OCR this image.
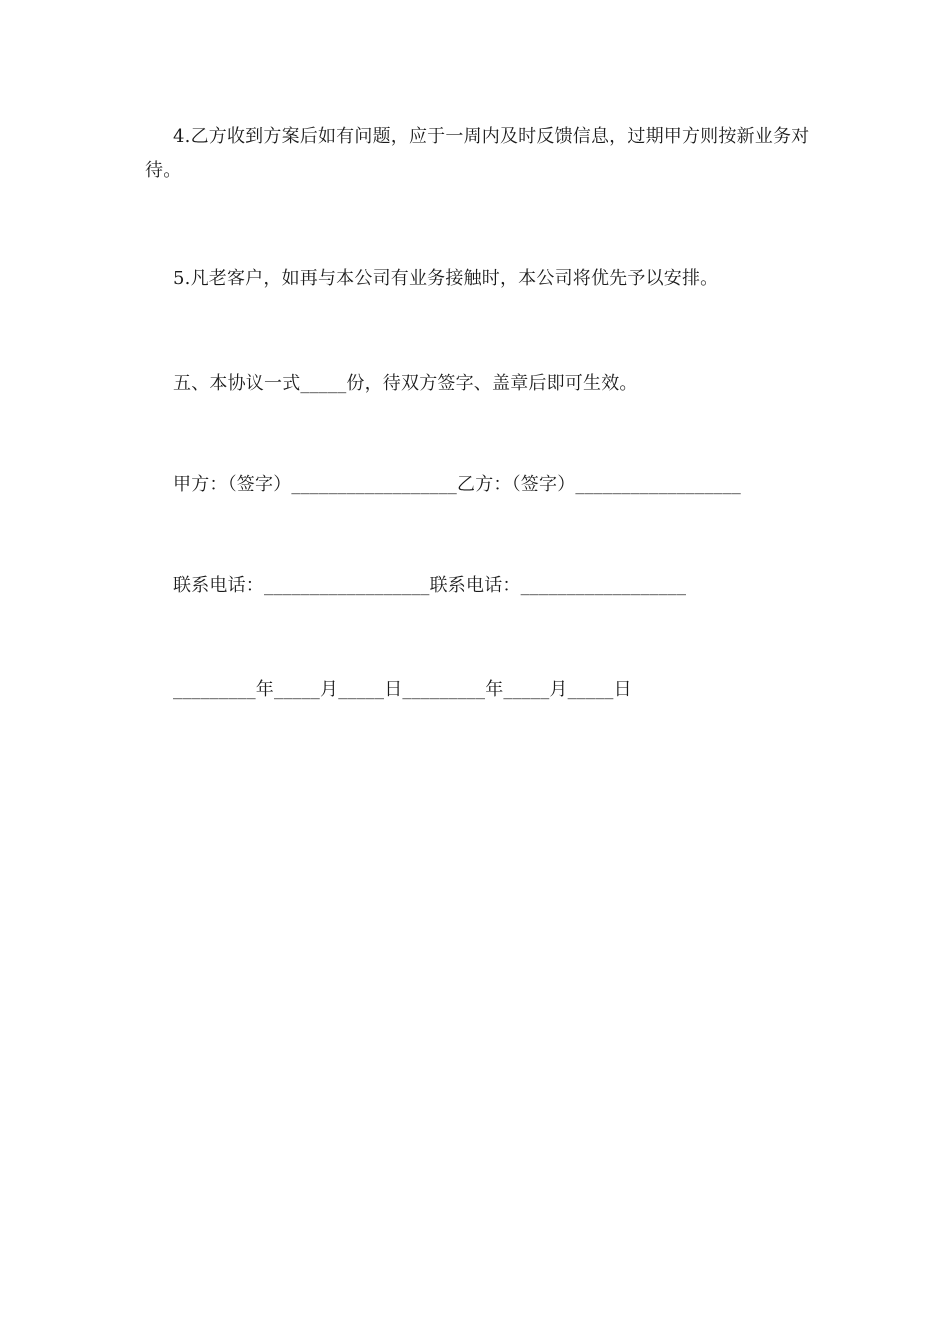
4.乙方收到方案后如有问题，应于一周内及时反馈信息，过期甲方则按新业务对待。
5.凡老客户，如再与本公司有业务接触时，本公司将优先予以安排。
五、本协议一式_____份，待双方签字、盖章后即可生效。
甲方：（签字）__________________乙方：（签字）__________________
联系电话：__________________联系电话：__________________
_________年_____月_____日_________年_____月_____日
